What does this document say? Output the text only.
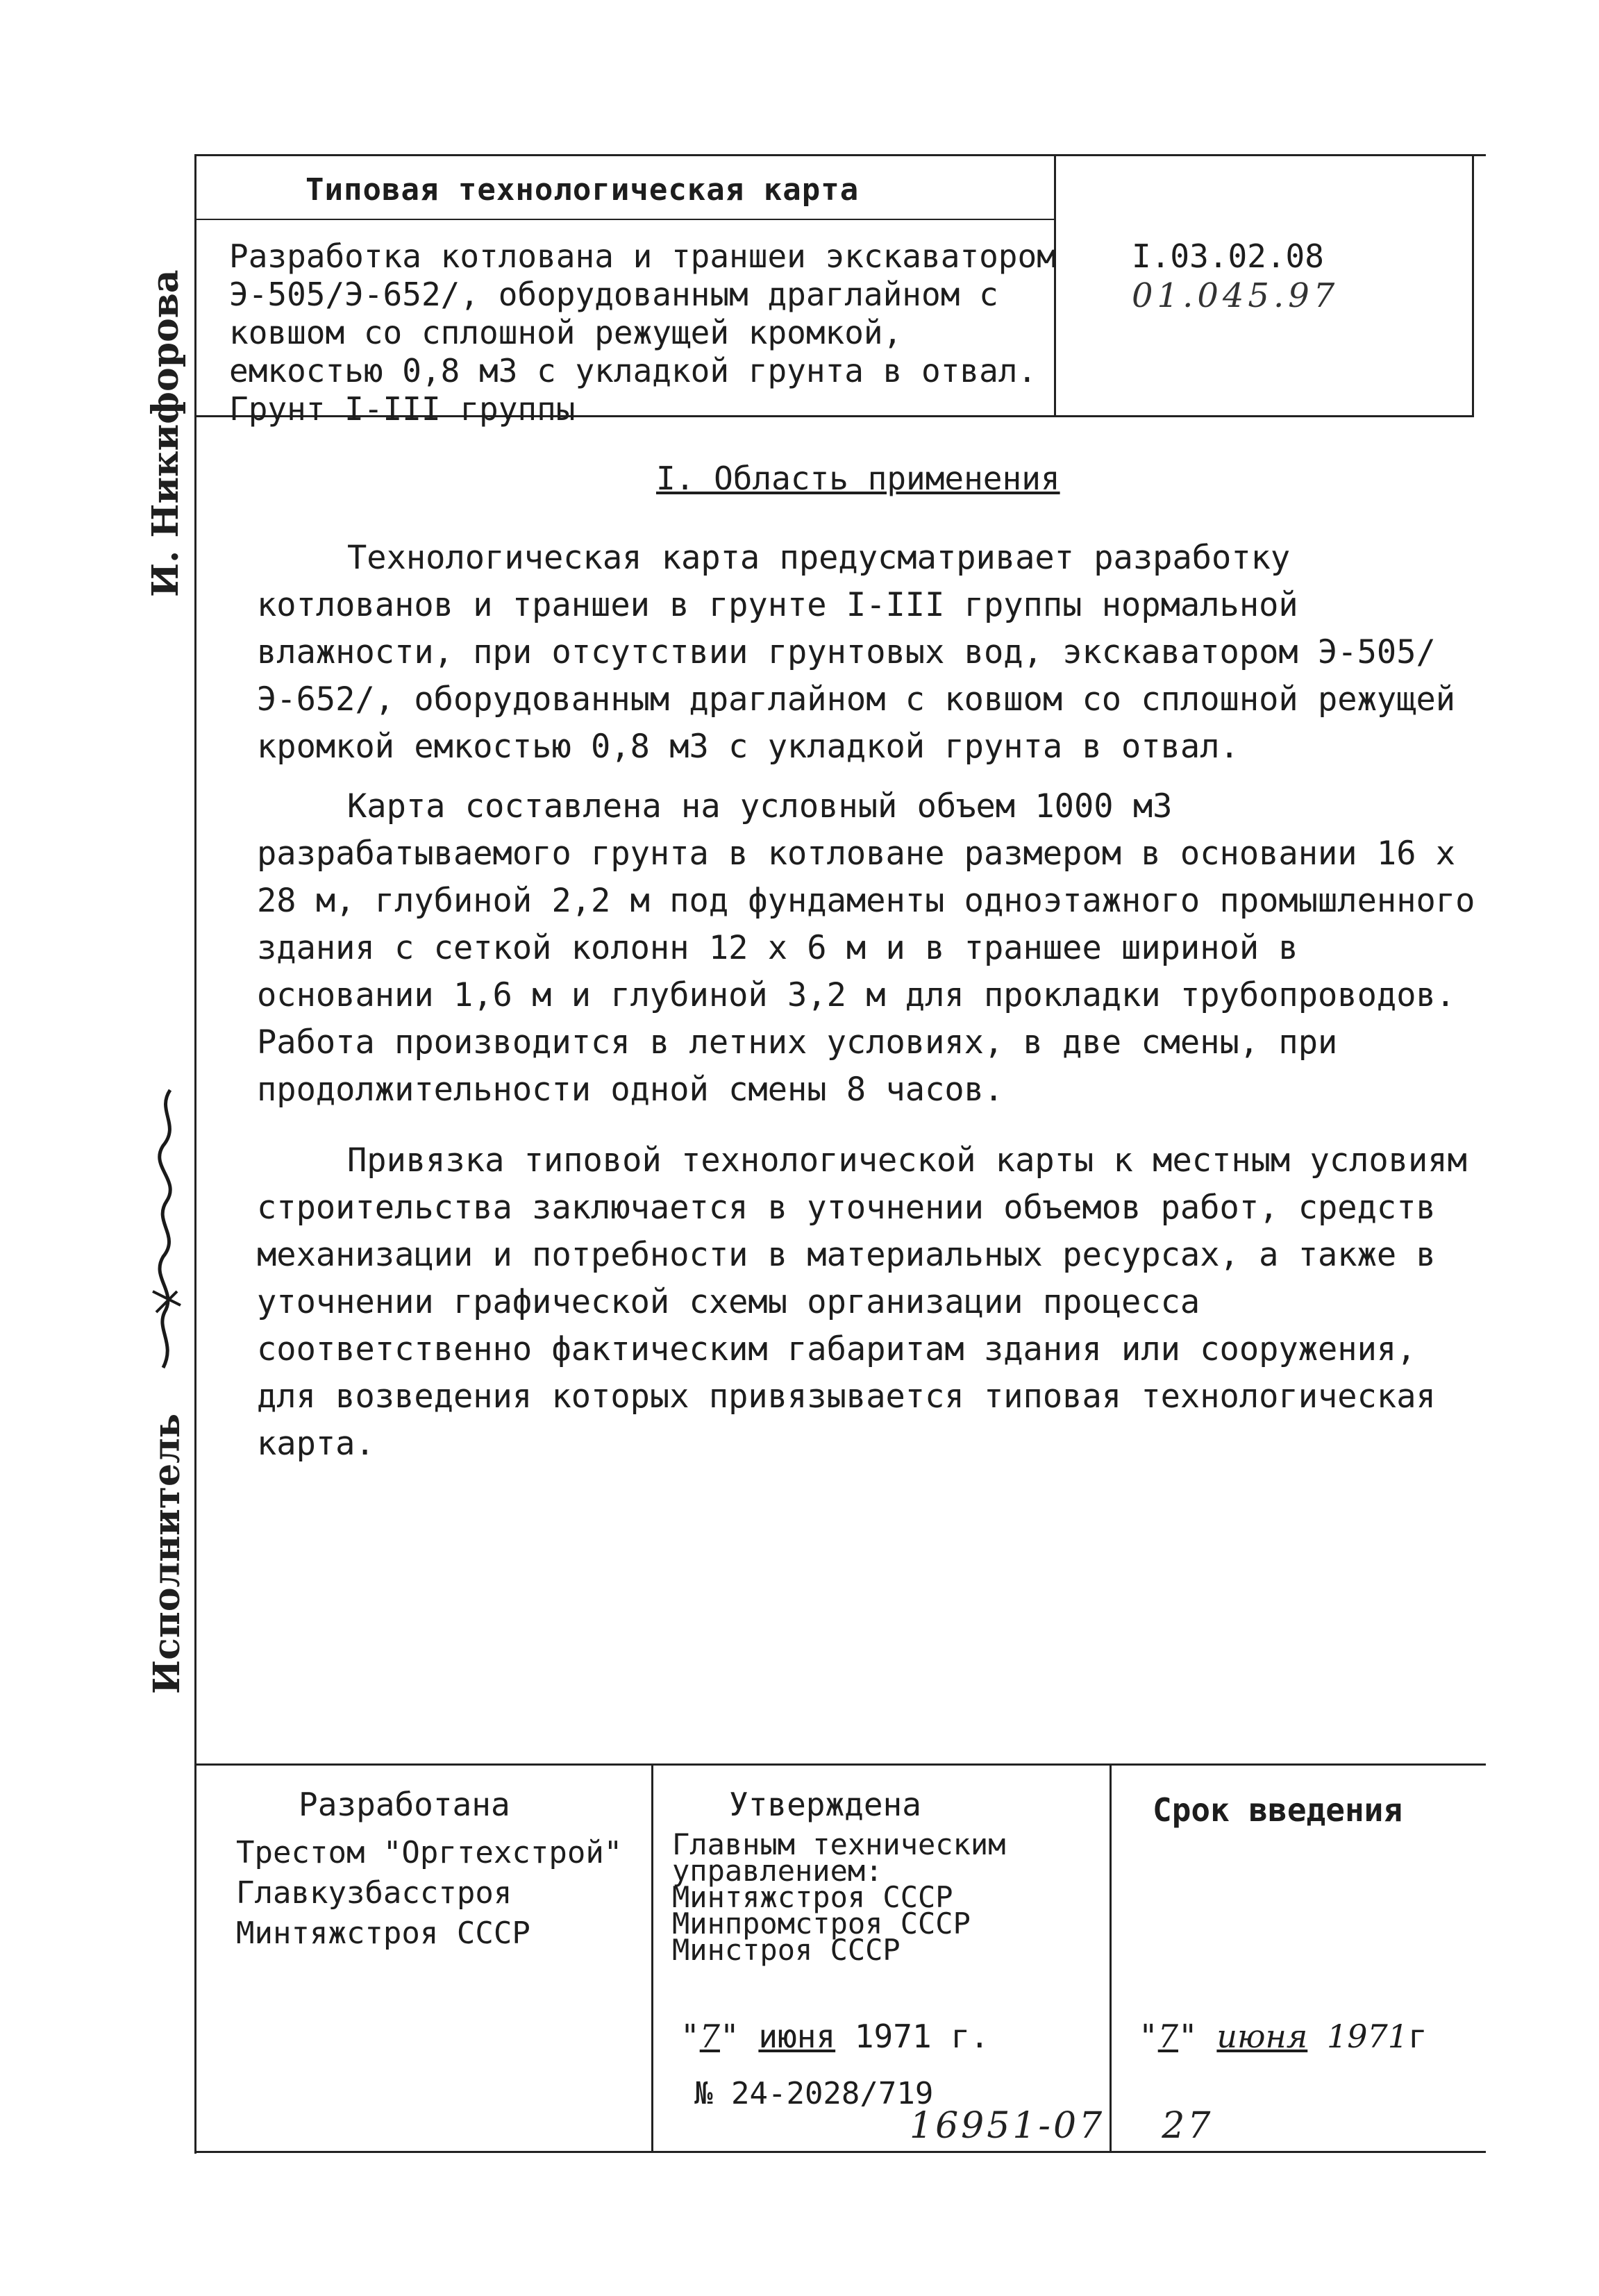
И. Никифорова
Исполнитель
Типовая технологическая карта
Разработка котлована и траншеи экскаватором Э-505/Э-652/, оборудованным драглайном с ковшом со сплошной режущей кромкой, емкостью 0,8 м3 с укладкой грунта в отвал.
Грунт I-III группы
I.03.02.08
01.045.97
I. Область применения

Технологическая карта предусматривает разработку котлованов и траншеи в грунте I-III группы нормальной влажности, при отсутствии грунтовых вод, экскаватором Э-505/Э-652/, оборудованным драглайном с ковшом со сплошной режущей кромкой емкостью 0,8 м3 с укладкой грунта в отвал.

Карта составлена на условный объем 1000 м3 разрабатываемого грунта в котловане размером в основании 16 х 28 м, глубиной 2,2 м под фундаменты одноэтажного промышленного здания с сеткой колонн 12 х 6 м и в траншее шириной в основании 1,6 м и глубиной 3,2 м для прокладки трубопроводов. Работа производится в летних условиях, в две смены, при продолжительности одной смены 8 часов.

Привязка типовой технологической карты к местным условиям строительства заключается в уточнении объемов работ, средств механизации и потребности в материальных ресурсах, а также в уточнении графической схемы организации процесса соответственно фактическим габаритам здания или сооружения, для возведения которых привязывается типовая технологическая карта.

Разработана
Трестом "Оргтехстрой"
Главкузбасстроя
Минтяжстроя СССР
Утверждена
Главным техническим управлением:
Минтяжстроя СССР
Минпромстроя СССР
Минстроя СССР
"7" июня 1971 г.
№ 24-2028/719
Срок введения
"7" июня 1971г
16951-07 27
